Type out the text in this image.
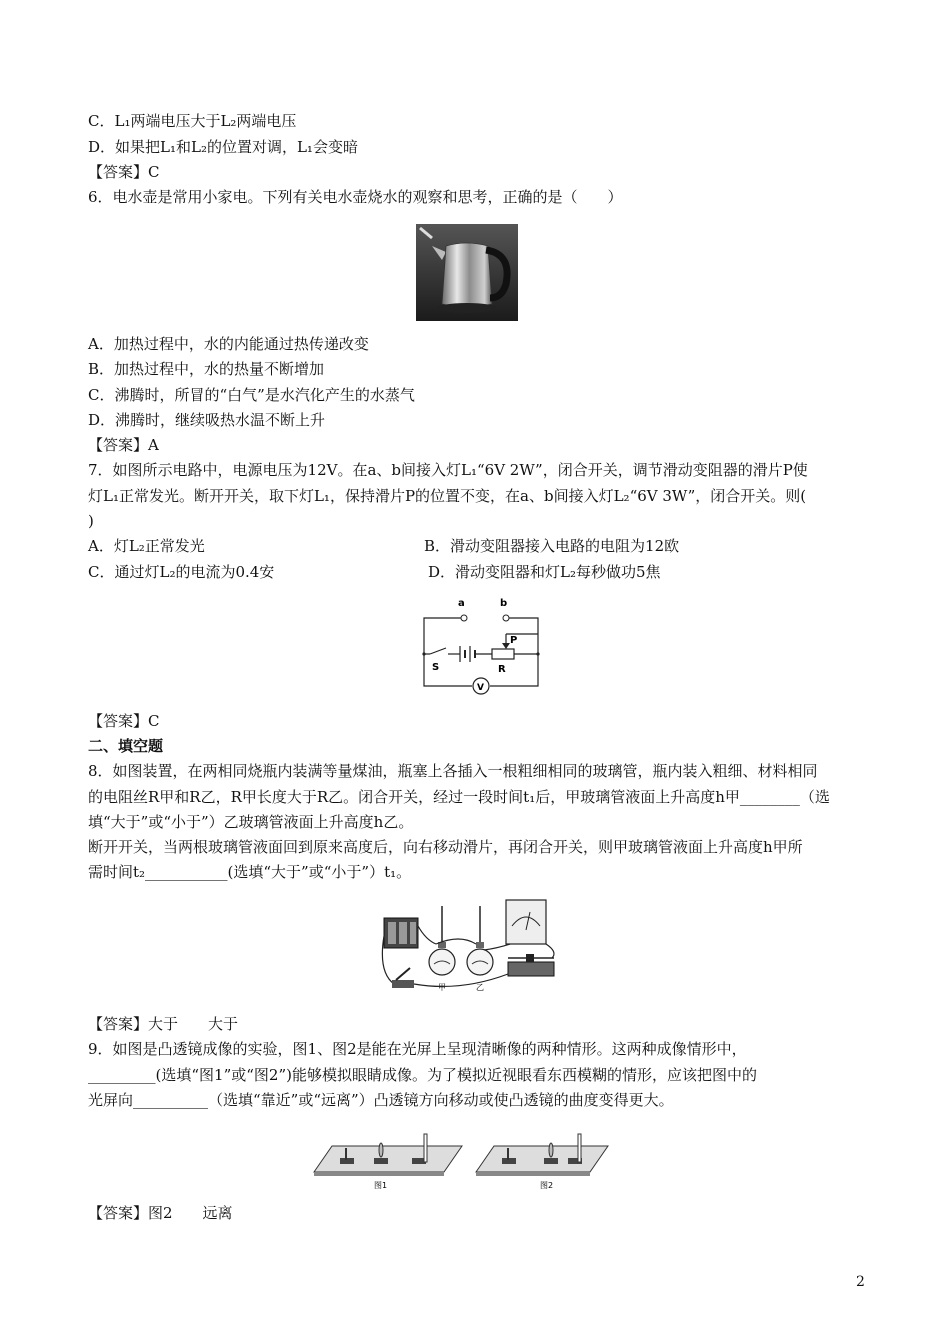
C．L₁两端电压大于L₂两端电压
D．如果把L₁和L₂的位置对调，L₁会变暗
【答案】C
6．电水壶是常用小家电。下列有关电水壶烧水的观察和思考，正确的是（　　）
A．加热过程中，水的内能通过热传递改变
B．加热过程中，水的热量不断增加
C．沸腾时，所冒的“白气”是水汽化产生的水蒸气
D．沸腾时，继续吸热水温不断上升
【答案】A
7．如图所示电路中，电源电压为12V。在a、b间接入灯L₁“6V 2W”，闭合开关，调节滑动变阻器的滑片P使
灯L₁正常发光。断开开关，取下灯L₁，保持滑片P的位置不变，在a、b间接入灯L₂“6V 3W”，闭合开关。则(
)
A．灯L₂正常发光	B．滑动变阻器接入电路的电阻为12欧
C．通过灯L₂的电流为0.4安	D．滑动变阻器和灯L₂每秒做功5焦
a	b
P
S	R
V
【答案】C
二、填空题
8．如图装置，在两相同烧瓶内装满等量煤油，瓶塞上各插入一根粗细相同的玻璃管，瓶内装入粗细、材料相同
的电阻丝R甲和R乙，R甲长度大于R乙。闭合开关，经过一段时间t₁后，甲玻璃管液面上升高度h甲________（选
填“大于”或“小于”）乙玻璃管液面上升高度h乙。
断开开关，当两根玻璃管液面回到原来高度后，向右移动滑片，再闭合开关，则甲玻璃管液面上升高度h甲所
需时间t₂___________(选填“大于”或“小于”）t₁。
甲	乙
【答案】大于　　大于
9．如图是凸透镜成像的实验，图1、图2是能在光屏上呈现清晰像的两种情形。这两种成像情形中，
_________(选填“图1”或“图2”)能够模拟眼睛成像。为了模拟近视眼看东西模糊的情形，应该把图中的
光屏向__________（选填“靠近”或“远离”）凸透镜方向移动或使凸透镜的曲度变得更大。
图1	图2
【答案】图2　　远离
2
